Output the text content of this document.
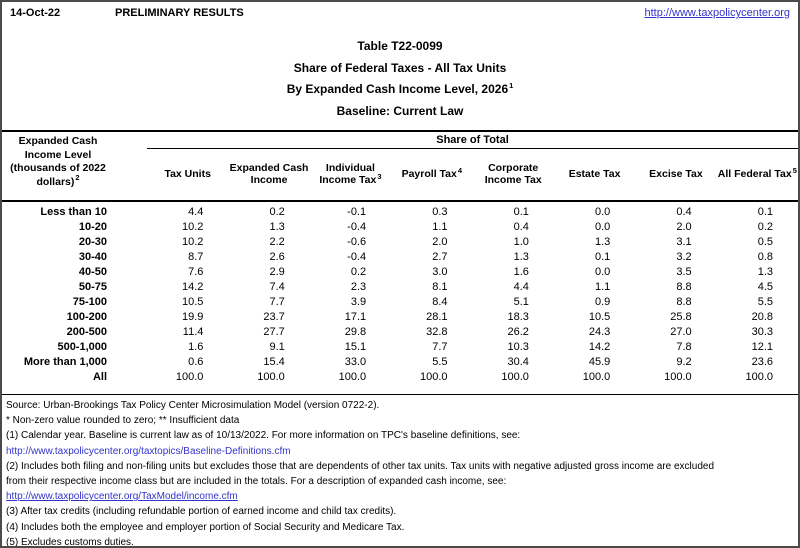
14-Oct-22	PRELIMINARY RESULTS	http://www.taxpolicycenter.org
Table T22-0099
Share of Federal Taxes - All Tax Units
By Expanded Cash Income Level, 2026$^1$
Baseline: Current Law
Expanded Cash
Income Level
(thousands of 2022
dollars)$^2$
Share of Total
Tax Units
Expanded Cash Income
Individual Income Tax$^3$	Payroll Tax$^4$	Corporate Income Tax
Estate Tax	Excise Tax	All Federal Tax$^5$
Less than 10	4.4	0.2	-0.1	0.3	0.1	0.0	0.4	0.1
10-20	10.2	1.3	-0.4	1.1	0.4	0.0	2.0	0.2
20-30	10.2	2.2	-0.6	2.0	1.0	1.3	3.1	0.5
30-40	8.7	2.6	-0.4	2.7	1.3	0.1	3.2	0.8
40-50	7.6	2.9	0.2	3.0	1.6	0.0	3.5	1.3
50-75	14.2	7.4	2.3	8.1	4.4	1.1	8.8	4.5
75-100	10.5	7.7	3.9	8.4	5.1	0.9	8.8	5.5
100-200	19.9	23.7	17.1	28.1	18.3	10.5	25.8	20.8
200-500	11.4	27.7	29.8	32.8	26.2	24.3	27.0	30.3
500-1,000	1.6	9.1	15.1	7.7	10.3	14.2	7.8	12.1
More than 1,000	0.6	15.4	33.0	5.5	30.4	45.9	9.2	23.6
All	100.0	100.0	100.0	100.0	100.0	100.0	100.0	100.0
Source: Urban-Brookings Tax Policy Center Microsimulation Model (version 0722-2).
* Non-zero value rounded to zero; ** Insufficient data
(1) Calendar year. Baseline is current law as of 10/13/2022. For more information on TPC's baseline definitions, see:
http://www.taxpolicycenter.org/taxtopics/Baseline-Definitions.cfm
(2) Includes both filing and non-filing units but excludes those that are dependents of other tax units. Tax units with negative adjusted gross income are excluded
from their respective income class but are included in the totals. For a description of expanded cash income, see:
http://www.taxpolicycenter.org/TaxModel/income.cfm
(3) After tax credits (including refundable portion of earned income and child tax credits).
(4) Includes both the employee and employer portion of Social Security and Medicare Tax.
(5) Excludes customs duties.
